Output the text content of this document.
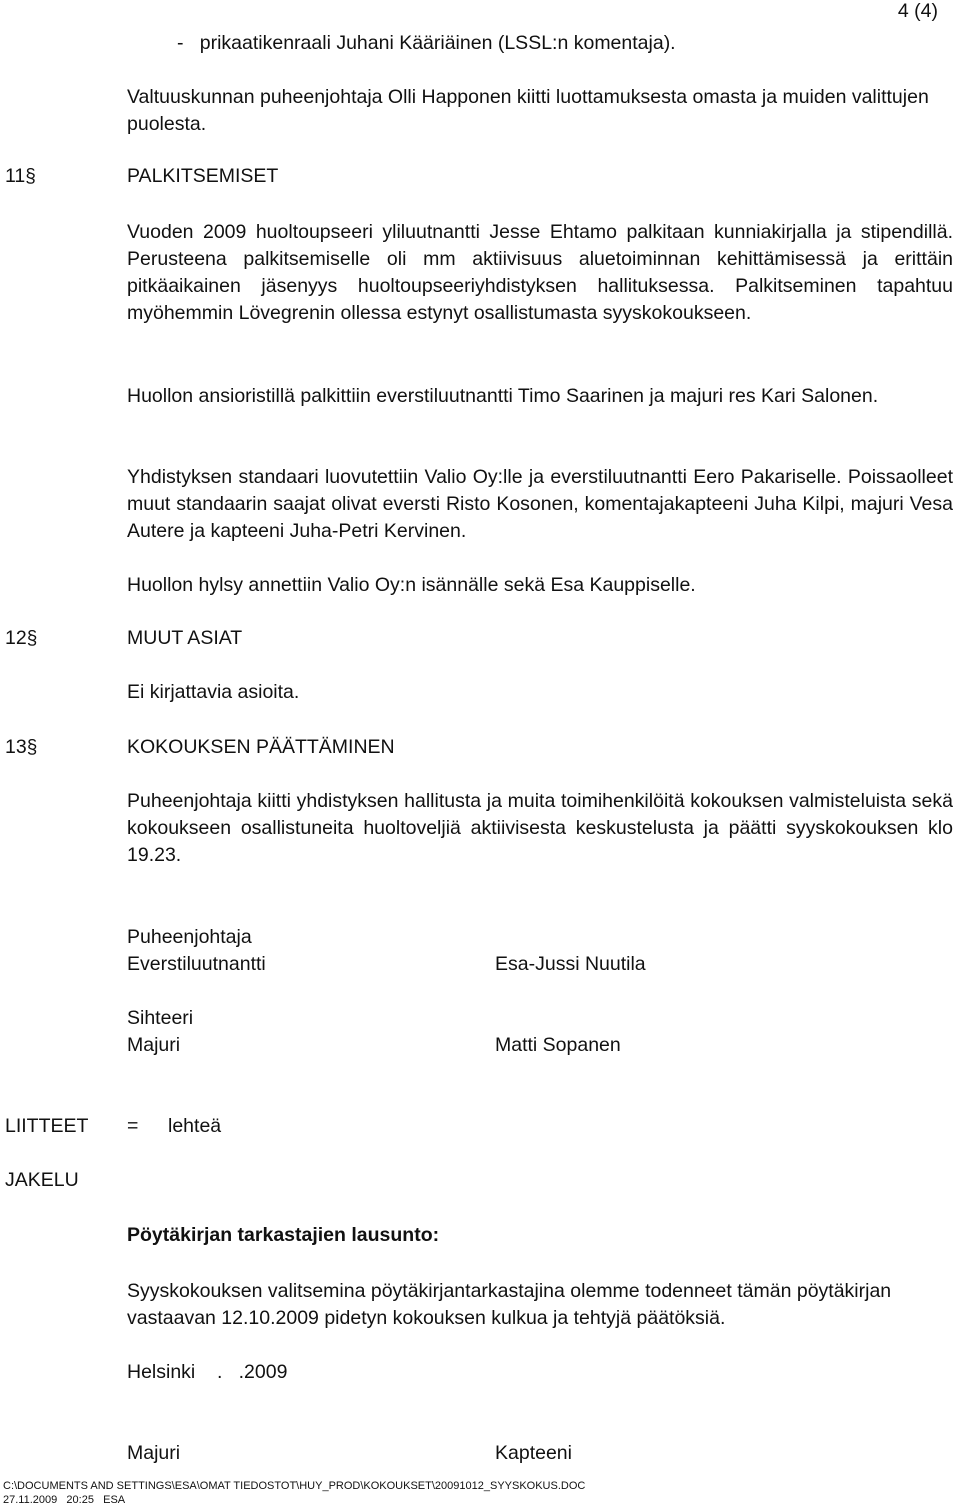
4 (4)
-   prikaatikenraali Juhani Kääriäinen (LSSL:n komentaja).
Valtuuskunnan puheenjohtaja Olli Happonen kiitti luottamuksesta omasta ja muiden valittujen puolesta.
11§	PALKITSEMISET
Vuoden 2009 huoltoupseeri yliluutnantti Jesse Ehtamo palkitaan kunniakirjalla ja stipendillä. Perusteena palkitsemiselle oli mm aktiivisuus aluetoiminnan kehittämisessä ja erittäin pitkäaikainen jäsenyys huoltoupseeriyhdistyksen hallituksessa. Palkitseminen tapahtuu myöhemmin Lövegrenin ollessa estynyt osallistumasta syyskokoukseen.
Huollon ansioristillä palkittiin everstiluutnantti Timo Saarinen ja majuri res Kari Salonen.
Yhdistyksen standaari luovutettiin Valio Oy:lle ja everstiluutnantti Eero Pakariselle. Poissaolleet muut standaarin saajat olivat eversti Risto Kosonen, komentajakapteeni Juha Kilpi, majuri Vesa Autere ja kapteeni Juha-Petri Kervinen.
Huollon hylsy annettiin Valio Oy:n isännälle sekä Esa Kauppiselle.
12§	MUUT ASIAT
Ei kirjattavia asioita.
13§	KOKOUKSEN PÄÄTTÄMINEN
Puheenjohtaja kiitti yhdistyksen hallitusta ja muita toimihenkilöitä kokouksen valmisteluista sekä kokoukseen osallistuneita huoltoveljiä aktiivisesta keskustelusta ja päätti syyskokouksen klo 19.23.
Puheenjohtaja
Everstiluutnantti	Esa-Jussi Nuutila
Sihteeri
Majuri	Matti Sopanen
LIITTEET = lehteä
JAKELU
Pöytäkirjan tarkastajien lausunto:
Syyskokouksen valitsemina pöytäkirjantarkastajina olemme todenneet tämän pöytäkirjan vastaavan 12.10.2009 pidetyn kokouksen kulkua ja tehtyjä päätöksiä.
Helsinki    .   .2009
Majuri	Kapteeni
C:\DOCUMENTS AND SETTINGS\ESA\OMAT TIEDOSTOT\HUY_PROD\KOKOUKSET\20091012_SYYSKOKUS.DOC
27.11.2009   20:25   ESA
